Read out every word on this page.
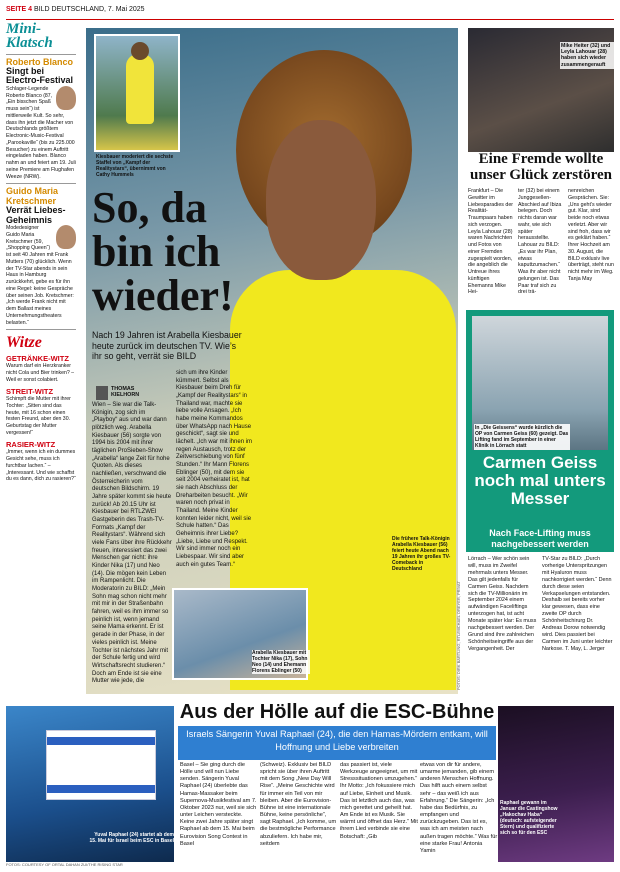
SEITE 4 BILD DEUTSCHLAND, 7. Mai 2025
Mini-Klatsch
Roberto Blanco
Singt bei Electro-Festival
Schlager-Legende Roberto Blanco (87, „Ein bisschen Spaß muss sein“) ist mittlerweile Kult. So sehr, dass ihn jetzt die Macher von Deutschlands größtem Electronic-Music-Festival „Parookaville“ (bis zu 225.000 Besucher) zu einem Auftritt eingeladen haben. Blanco nahm an und feiert am 19. Juli seine Premiere am Flughafen Weeze (NRW).
Guido Maria Kretschmer
Verrät Liebes-Geheimnis
Modedesigner Guido Maria Kretschmer (59, „Shopping Queen“) ist seit 40 Jahren mit Frank Mutters (70) glücklich. Wenn der TV-Star abends in sein Haus in Hamburg zurückkehrt, gebe es für ihn eine Regel: keine Gespräche über seinen Job. Kretschmer: „Ich werde Frank nicht mit dem Ballast meines Unternehmungstheaters belasten.“
Witze
GETRÄNKE-WITZ
Warum darf ein Herzkranker nicht Cola und Bier trinken? – Weil er sonst colabiert.
STREIT-WITZ
Schimpft die Mutter mit ihrer Tochter: „Sitten sind das heute, mit 16 schon einen festen Freund, aber den 30. Geburtstag der Mutter vergessen!“
RASIER-WITZ
„Immer, wenn ich ein dummes Gesicht sehe, muss ich furchtbar lachen.“ – „Interessant. Und wie schaffst du es dann, dich zu rasieren?“
Kiesbauer moderiert die sechste Staffel von „Kampf der Realitystars“, übernimmt von Cathy Hummels
So, da bin ich wieder!
Nach 19 Jahren ist Arabella Kiesbauer heute zurück im deutschen TV. Wie’s ihr so geht, verrät sie BILD
THOMAS KIELHORN
Wien – Sie war die Talk-Königin, zog sich im „Playboy“ aus und war dann plötzlich weg. Arabella Kiesbauer (56) sorgte von 1994 bis 2004 mit ihrer täglichen ProSieben-Show „Arabella“ lange Zeit für hohe Quoten. Als dieses nachließen, verschwand die Österreicherin vom deutschen Bildschirm. 19 Jahre später kommt sie heute zurück! Ab 20.15 Uhr ist Kiesbauer bei RTLZWEI Gastgeberin des Trash-TV-Formats „Kampf der Realitystars“. Während sich viele Fans über ihre Rückkehr freuen, interessiert das zwei Menschen gar nicht: ihre Kinder Nika (17) und Neo (14). Die mögen kein Leben im Rampenlicht. Die Moderatorin zu BILD: „Mein Sohn mag schon nicht mehr mit mir in der Straßenbahn fahren, weil es ihm immer so peinlich ist, wenn jemand seine Mama erkennt. Er ist gerade in der Phase, in der vieles peinlich ist. Meine Tochter ist nächstes Jahr mit der Schule fertig und wird Wirtschaftsrecht studieren.“ Doch am Ende ist sie eine Mutter wie jede, die
sich um ihre Kinder kümmert. Selbst als Kiesbauer beim Dreh für „Kampf der Realitystars“ in Thailand war, machte sie liebe volle Ansagen. „Ich habe meine Kommandos über WhatsApp nach Hause geschickt“, sagt sie und lächelt. „Ich war mit ihnen im regen Austausch, trotz der Zeitverschiebung von fünf Stunden.“ Ihr Mann Florens Eblinger (50), mit dem sie seit 2004 verheiratet ist, hat sie nach Abschluss der Dreharbeiten besucht. „Wir waren noch privat in Thailand. Meine Kinder konnten leider nicht, weil sie Schule hatten.“ Das Geheimnis ihrer Liebe? „Liebe, Liebe und Respekt. Wir sind immer noch ein Liebespaar. Wir sind aber auch ein gutes Team.“
Die frühere Talk-Königin Arabella Kiesbauer (56) feiert heute Abend nach 19 Jahren ihr großes TV-Comeback in Deutschland
Arabella Kiesbauer mit Tochter Nika (17), Sohn Neo (14) und Ehemann Florens Eblinger (50)	FOTOS: DIRK BARTLING, RTL/MICHAEL DREYER, PRIVAT
Mike Heiter (32) und Leyla Lahouar (28) haben sich wieder zusammengerauft
Eine Fremde wollte unser Glück zerstören
Frankfurt – Die Gewitter im Liebesparadies der Realität-Traumpaars haben sich verzogen. Leyla Lahouar (28) waren Nachrichten und Fotos von einer Fremden zugespielt worden, die angeblich die Untreue ihres künftigen Ehemanns Mike Hei-
ter (32) bei einem Junggesellen-Abschied auf Ibiza belegen. Doch nichts daran war wahr, wie sich später herausstellte. Lahouar zu BILD: „Es war ihr Plan, etwas kaputtzumachen.“ Was ihr aber nicht gelungen ist. Das Paar traf sich zu drei trä-
nenreichen Gesprächen. Sie: „Uns geht’s wieder gut. Klar, sind beide noch etwas verletzt. Aber wir sind froh, dass wir es geklärt haben.“ Ihrer Hochzeit am 30. August, die BILD exklusiv live überträgt, steht nun nicht mehr im Weg. Tanja May
In „Die Geissens“ wurde kürzlich die OP von Carmen Geiss (60) gezeigt. Das Lifting fand im September in einer Klinik in Lörrach statt
Carmen Geiss noch mal unters Messer
Nach Face-Lifting muss nachgebessert werden
Lörrach – Wer schön sein will, muss im Zweifel mehrmals unters Messer. Das gilt jedenfalls für Carmen Geiss. Nachdem sich die TV-Millionärin im September 2024 einem aufwändigen Faceliftings unterzogen hat, ist acht Monate später klar: Es muss nachgebessert werden. Der Grund sind ihre zahlreichen Schönheitseingriffe aus der Vergangenheit. Der
TV-Star zu BILD: „Durch vorherige Unterspritzungen mit Hyaluron muss nachkorrigiert werden.“ Denn durch diese seien Verkapselungen entstanden. Deshalb sei bereits vorher klar gewesen, dass eine zweite OP durch Schönheitschirurg Dr. Andreas Dorow notwendig wird. Dies passiert bei Carmen im Juni unter leichter Narkose. T. May, L. Jerger
Yuval Raphael (24) startet ab dem 15. Mai für Israel beim ESC in Basel
Aus der Hölle auf die ESC-Bühne
Israels Sängerin Yuval Raphael (24), die den Hamas-Mördern entkam, will Hoffnung und Liebe verbreiten
Basel – Sie ging durch die Hölle und will nun Liebe senden. Sängerin Yuval Raphael (24) überlebte das Hamas-Massaker beim Supernova-Musikfestival am 7. Oktober 2023 nur, weil sie sich unter Leichen versteckte. Keine zwei Jahre später singt Raphael ab dem 15. Mai beim Eurovision Song Contest in Basel
(Schweiz). Exklusiv bei BILD spricht sie über ihren Auftritt mit dem Song „New Day Will Rise“. „Meine Geschichte wird für immer ein Teil von mir bleiben. Aber die Eurovision-Bühne ist eine internationale Bühne, keine persönliche“, sagt Raphael. „Ich komme, um die bestmögliche Performance abzuliefern. Ich habe mir, seitdem
das passiert ist, viele Werkzeuge angeeignet, um mit Stresssituationen umzugehen.“ Ihr Motto: „Ich fokussiere mich auf Liebe, Einheit und Musik. Das ist letztlich auch das, was mich gerettet und geheilt hat. Am Ende ist es Musik. Sie wärmt und öffnet das Herz.“ Mit ihrem Lied verbinde sie eine Botschaft: „Gib
etwas von dir für andere, umarme jemanden, gib einem anderen Menschen Hoffnung. Das hilft auch einem selbst sehr – das weiß ich aus Erfahrung.“ Die Sängerin: „Ich habe das Bedürfnis, zu empfangen und zurückzugeben. Das ist es, was ich am meisten nach außen tragen möchte.“ Was für eine starke Frau! Antonia Yamin
Raphael gewann im Januar die Castingshow „Hakochav Haba“ (deutsch: aufsteigender Stern) und qualifizierte sich so für den ESC
FOTOS: COURTESY OF ORTAL DAHAN ZUI/THE RISING STAR
